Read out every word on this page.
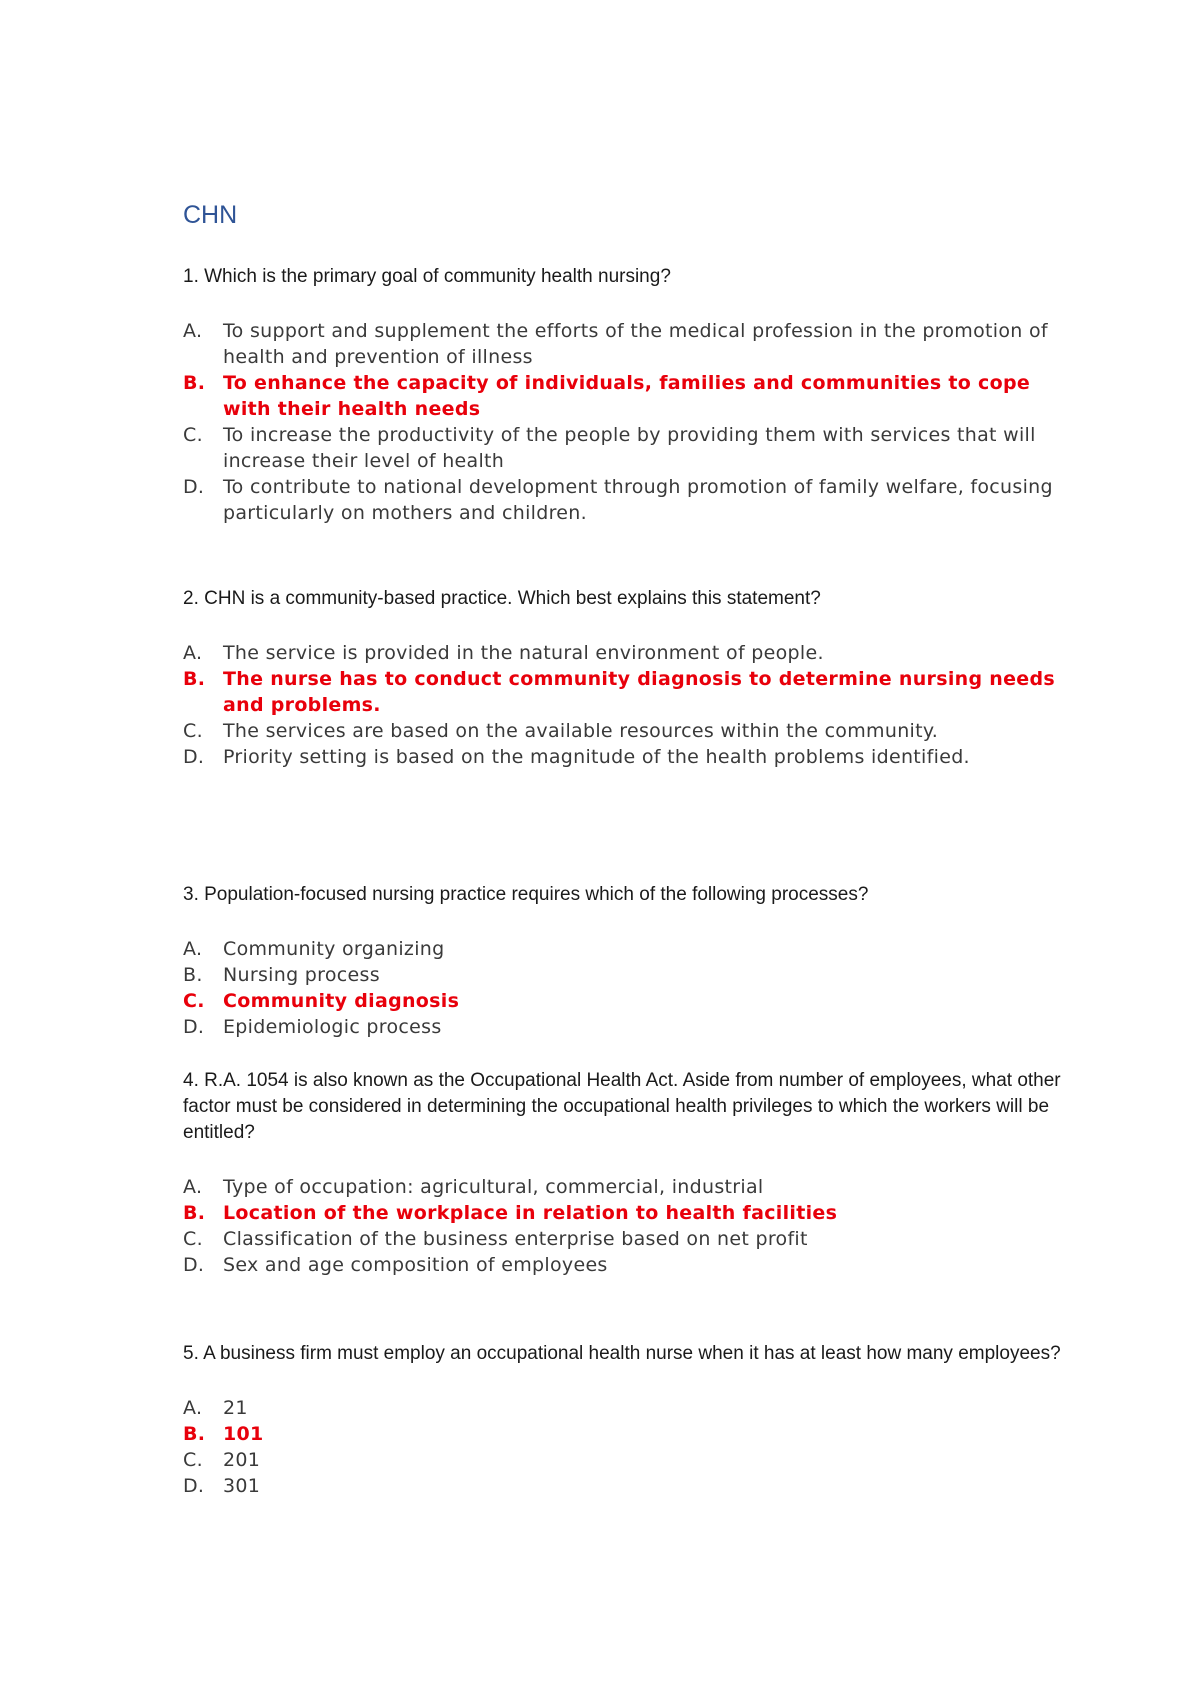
CHN

1. Which is the primary goal of community health nursing?

A.	To support and supplement the efforts of the medical profession in the promotion of health and prevention of illness
B. To enhance the capacity of individuals, families and communities to cope with their health needs
C.	To increase the productivity of the people by providing them with services that will increase their level of health
D. To contribute to national development through promotion of family welfare, focusing particularly on mothers and children.

2. CHN is a community-based practice. Which best explains this statement?

A.	The service is provided in the natural environment of people.
B. The nurse has to conduct community diagnosis to determine nursing needs and problems.
C.	The services are based on the available resources within the community.
D. Priority setting is based on the magnitude of the health problems identified.

3. Population-focused nursing practice requires which of the following processes?

A.	Community organizing
B.	Nursing process
C. Community diagnosis
D. Epidemiologic process

4. R.A. 1054 is also known as the Occupational Health Act. Aside from number of employees, what other factor must be considered in determining the occupational health privileges to which the workers will be entitled?

A.	Type of occupation: agricultural, commercial, industrial
B. Location of the workplace in relation to health facilities
C.	Classification of the business enterprise based on net profit
D. Sex and age composition of employees

5. A business firm must employ an occupational health nurse when it has at least how many employees?

A.	21
B. 101
C.	201
D. 301
